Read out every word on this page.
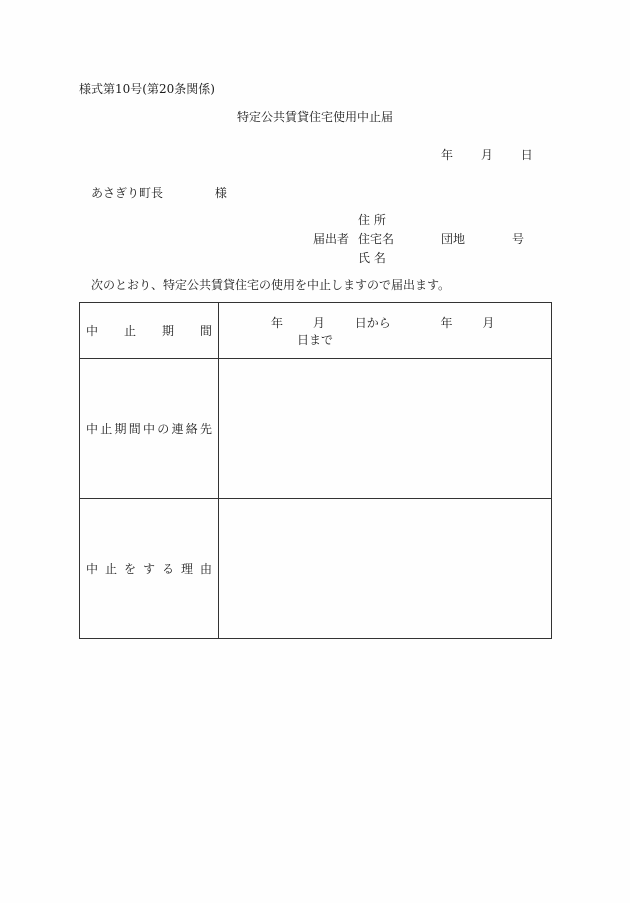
様式第10号(第20条関係)
特定公共賃貸住宅使用中止届
年 月 日
あさぎり町長	様
届出者
住 所
住宅名	団地	号
氏 名
次のとおり、特定公共賃貸住宅の使用を中止しますので届出ます。
中止期間	年 月 日から 年 月 日まで
中止期間中の連絡先	
中止をする理由	
